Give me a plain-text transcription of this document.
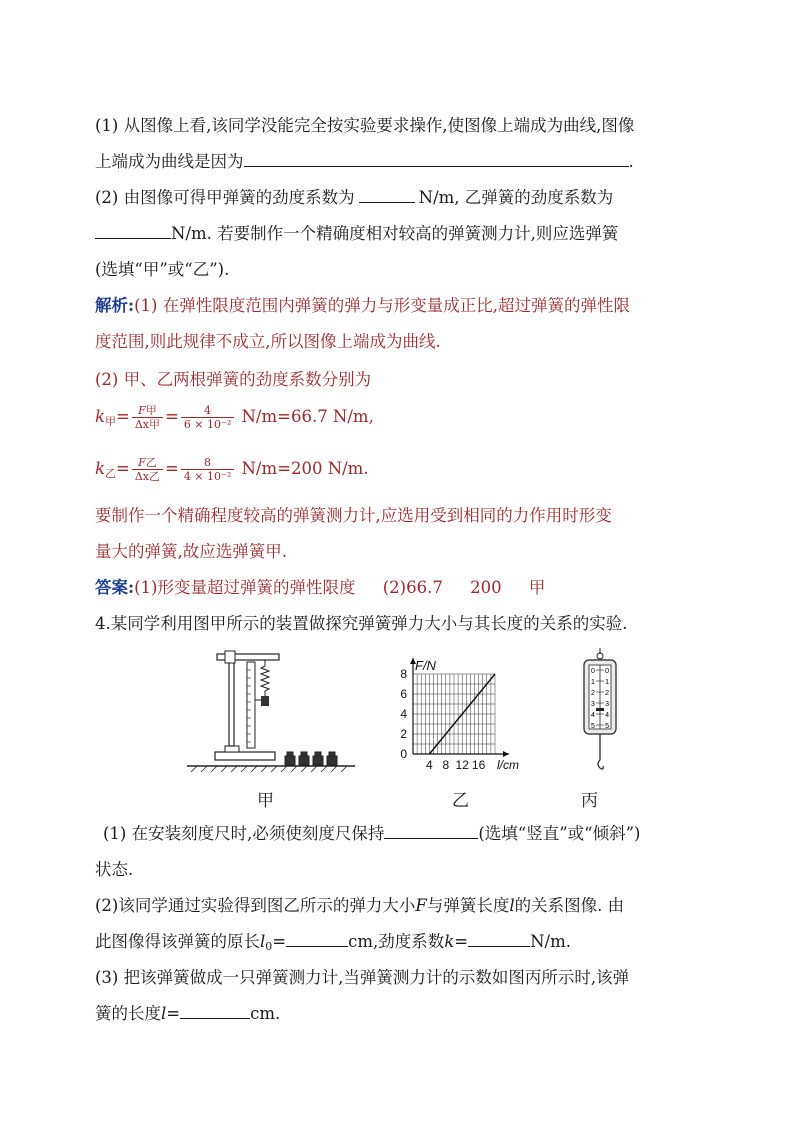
(1) 从图像上看,该同学没能完全按实验要求操作,使图像上端成为曲线,图像
上端成为曲线是因为	.
(2) 由图像可得甲弹簧的劲度系数为	N/m, 乙弹簧的劲度系数为
N/m. 若要制作一个精确度相对较高的弹簧测力计,则应选弹簧
(选填“甲”或“乙”).
解析:(1) 在弹性限度范围内弹簧的弹力与形变量成正比,超过弹簧的弹性限
度范围,则此规律不成立,所以图像上端成为曲线.
(2) 甲、乙两根弹簧的劲度系数分别为
$k_甲= \frac{\text{F甲}}{\text{Δx甲}} = \frac{4}{\text{6 × 10⁻²}} N/m=66.7$ N/m,
$k_乙= \frac{\text{F乙}}{\text{Δx乙}} = \frac{8}{\text{4 × 10⁻²}} N/m=200$ N/m.
要制作一个精确程度较高的弹簧测力计,应选用受到相同的力作用时形变
量大的弹簧,故应选弹簧甲.
答案:(1)形变量超过弹簧的弹性限度 (2)66.7 200 甲
4.某同学利用图甲所示的装置做探究弹簧弹力大小与其长度的关系的实验.
0
2
4
6
8
4 8 12 16
F/N
l/cm
0 0
1 1
2 2
3 3
4 4
5 5
甲	乙	丙
(1) 在安装刻度尺时,必须使刻度尺保持	(选填“竖直”或“倾斜”)
状态.
(2)该同学通过实验得到图乙所示的弹力大小F与弹簧长度l的关系图像. 由
此图像得该弹簧的原长$l_0=$	cm,劲度系数k=	N/m.
(3) 把该弹簧做成一只弹簧测力计,当弹簧测力计的示数如图丙所示时,该弹
簧的长度l=	cm.
